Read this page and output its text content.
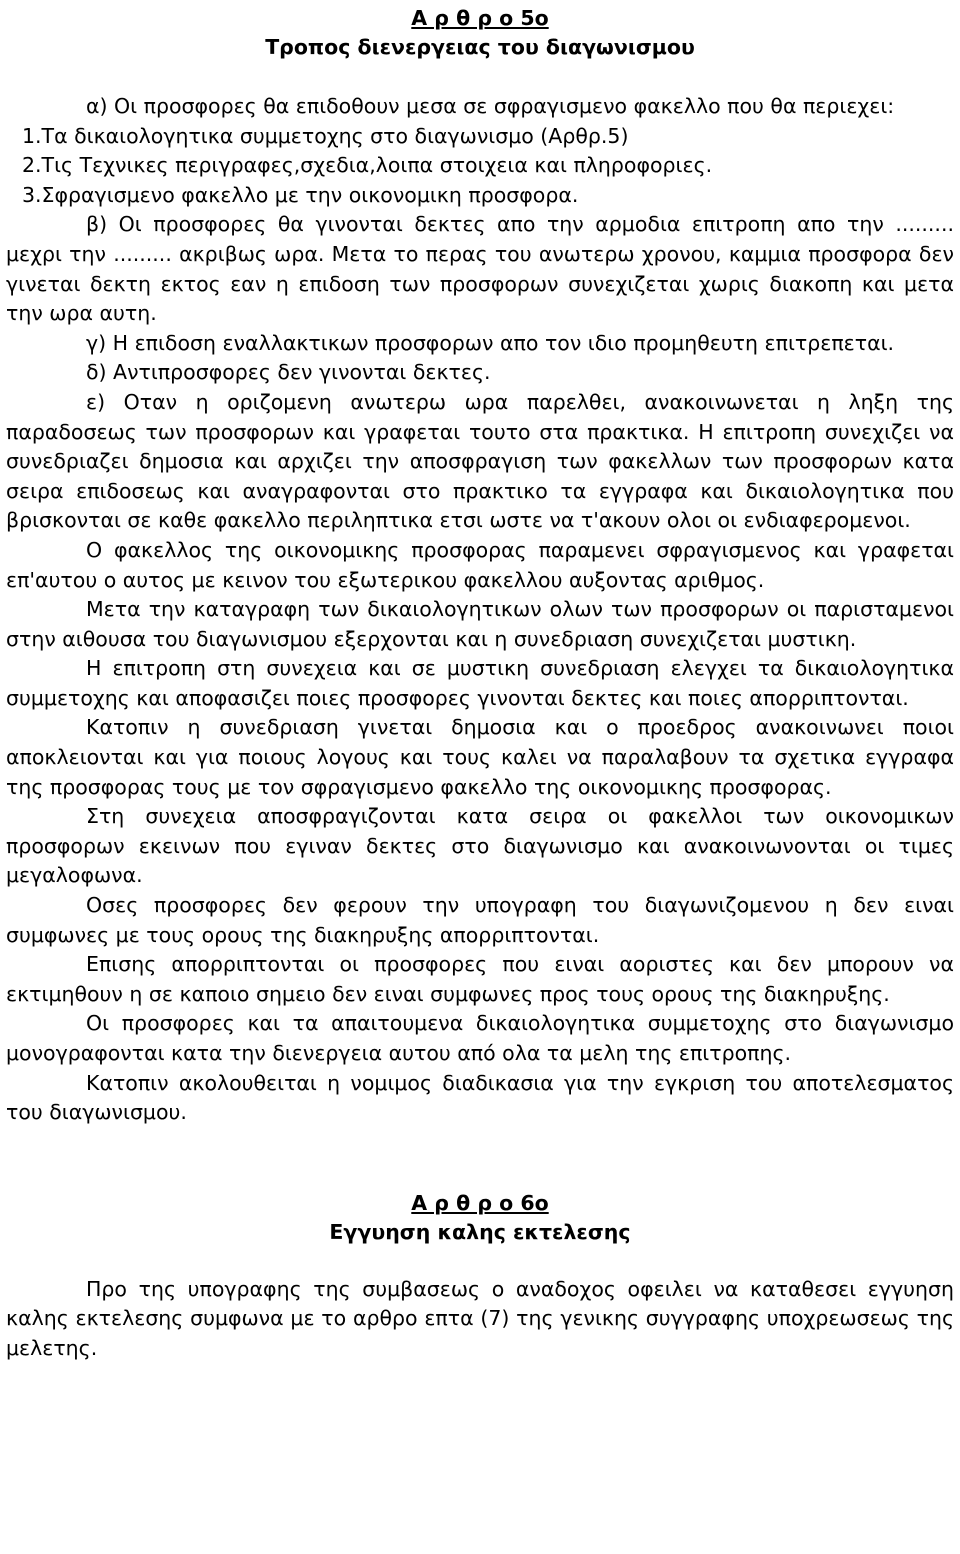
Α ρ θ ρ ο 5ο
Τροπος διενεργειας του διαγωνισμου

α) Οι προσφορες θα επιδοθουν μεσα σε σφραγισμενο φακελλο που θα περιεχει:

1.Τα δικαιολογητικα συμμετοχης στο διαγωνισμο (Αρθρ.5)

2.Τις Τεχνικες περιγραφες,σχεδια,λοιπα στοιχεια και πληροφοριες.

3.Σφραγισμενο φακελλο με την οικονομικη προσφορα.

β) Οι προσφορες θα γινονται δεκτες απο την αρμοδια επιτροπη απο την ......... μεχρι την ......... ακριβως ωρα. Μετα το περας του ανωτερω χρονου, καμμια προσφορα δεν γινεται δεκτη εκτος εαν η επιδοση των προσφορων συνεχιζεται χωρις διακοπη και μετα την ωρα αυτη.

γ) Η επιδοση εναλλακτικων προσφορων απο τον ιδιο προμηθευτη επιτρεπεται.

δ) Αντιπροσφορες δεν γινονται δεκτες.

ε) Οταν η οριζομενη ανωτερω ωρα παρελθει, ανακοινωνεται η ληξη της παραδοσεως των προσφορων και γραφεται τουτο στα πρακτικα. Η επιτροπη συνεχιζει να συνεδριαζει δημοσια και αρχιζει την αποσφραγιση των φακελλων των προσφορων κατα σειρα επιδοσεως και αναγραφονται στο πρακτικο τα εγγραφα και δικαιολογητικα που βρισκονται σε καθε φακελλο περιληπτικα ετσι ωστε να τ'ακουν ολοι οι ενδιαφερομενοι.

Ο φακελλος της οικονομικης προσφορας παραμενει σφραγισμενος και γραφεται επ'αυτου ο αυτος με κεινον του εξωτερικου φακελλου αυξοντας αριθμος.

Μετα την καταγραφη των δικαιολογητικων ολων των προσφορων οι παρισταμενοι στην αιθουσα του διαγωνισμου εξερχονται και η συνεδριαση συνεχιζεται μυστικη.

Η επιτροπη στη συνεχεια και σε μυστικη συνεδριαση ελεγχει τα δικαιολογητικα συμμετοχης και αποφασιζει ποιες προσφορες γινονται δεκτες και ποιες απορριπτονται.

Κατοπιν η συνεδριαση γινεται δημοσια και ο προεδρος ανακοινωνει ποιοι αποκλειονται και για ποιους λογους και τους καλει να παραλαβουν τα σχετικα εγγραφα της προσφορας τους με τον σφραγισμενο φακελλο της οικονομικης προσφορας.

Στη συνεχεια αποσφραγιζονται κατα σειρα οι φακελλοι των οικονομικων προσφορων εκεινων που εγιναν δεκτες στο διαγωνισμο και ανακοινωνονται οι τιμες μεγαλοφωνα.

Οσες προσφορες δεν φερουν την υπογραφη του διαγωνιζομενου η δεν ειναι συμφωνες με τους ορους της διακηρυξης απορριπτονται.

Επισης απορριπτονται οι προσφορες που ειναι αοριστες και δεν μπορουν να εκτιμηθουν η σε καποιο σημειο δεν ειναι συμφωνες προς τους ορους της διακηρυξης.

Οι προσφορες και τα απαιτουμενα δικαιολογητικα συμμετοχης στο διαγωνισμο μονογραφονται κατα την διενεργεια αυτου από ολα τα μελη της επιτροπης.

Κατοπιν ακολουθειται η νομιμος διαδικασια για την εγκριση του αποτελεσματος του διαγωνισμου.

Α ρ θ ρ ο 6ο
Εγγυηση καλης εκτελεσης

Προ της υπογραφης της συμβασεως ο αναδοχος οφειλει να καταθεσει εγγυηση καλης εκτελεσης συμφωνα με το αρθρο επτα (7) της γενικης συγγραφης υποχρεωσεως της μελετης.
